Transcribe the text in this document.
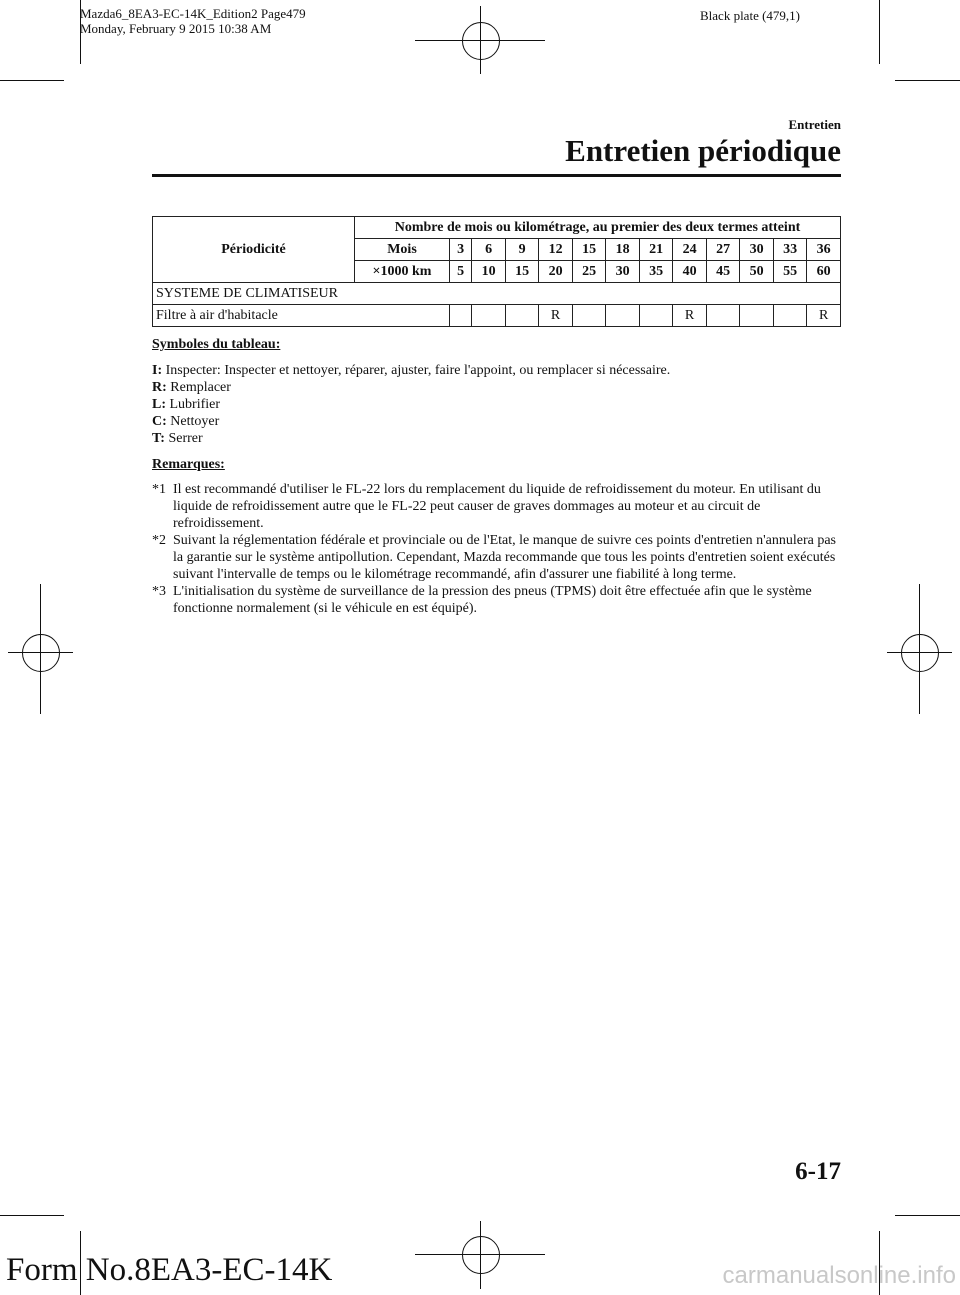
Mazda6_8EA3-EC-14K_Edition2 Page479
Monday, February 9 2015 10:38 AM
Black plate (479,1)
Entretien
Entretien périodique
Périodicité	Nombre de mois ou kilométrage, au premier des deux termes atteint												
	Mois	3	6	9	12	15	18	21	24	27	30	33	36
	×1000 km	5	10	15	20	25	30	35	40	45	50	55	60
SYSTEME DE CLIMATISEUR													
Filtre à air d'habitacle					R				R				R
Symboles du tableau:
I: Inspecter: Inspecter et nettoyer, réparer, ajuster, faire l'appoint, ou remplacer si nécessaire.
R: Remplacer
L: Lubrifier
C: Nettoyer
T: Serrer
Remarques:
*1 Il est recommandé d'utiliser le FL-22 lors du remplacement du liquide de refroidissement du moteur. En utilisant du liquide de refroidissement autre que le FL-22 peut causer de graves dommages au moteur et au circuit de refroidissement.
*2 Suivant la réglementation fédérale et provinciale ou de l'Etat, le manque de suivre ces points d'entretien n'annulera pas la garantie sur le système antipollution. Cependant, Mazda recommande que tous les points d'entretien soient exécutés suivant l'intervalle de temps ou le kilométrage recommandé, afin d'assurer une fiabilité à long terme.
*3 L'initialisation du système de surveillance de la pression des pneus (TPMS) doit être effectuée afin que le système fonctionne normalement (si le véhicule en est équipé).
6-17
Form No.8EA3-EC-14K	carmanualsonline.info
